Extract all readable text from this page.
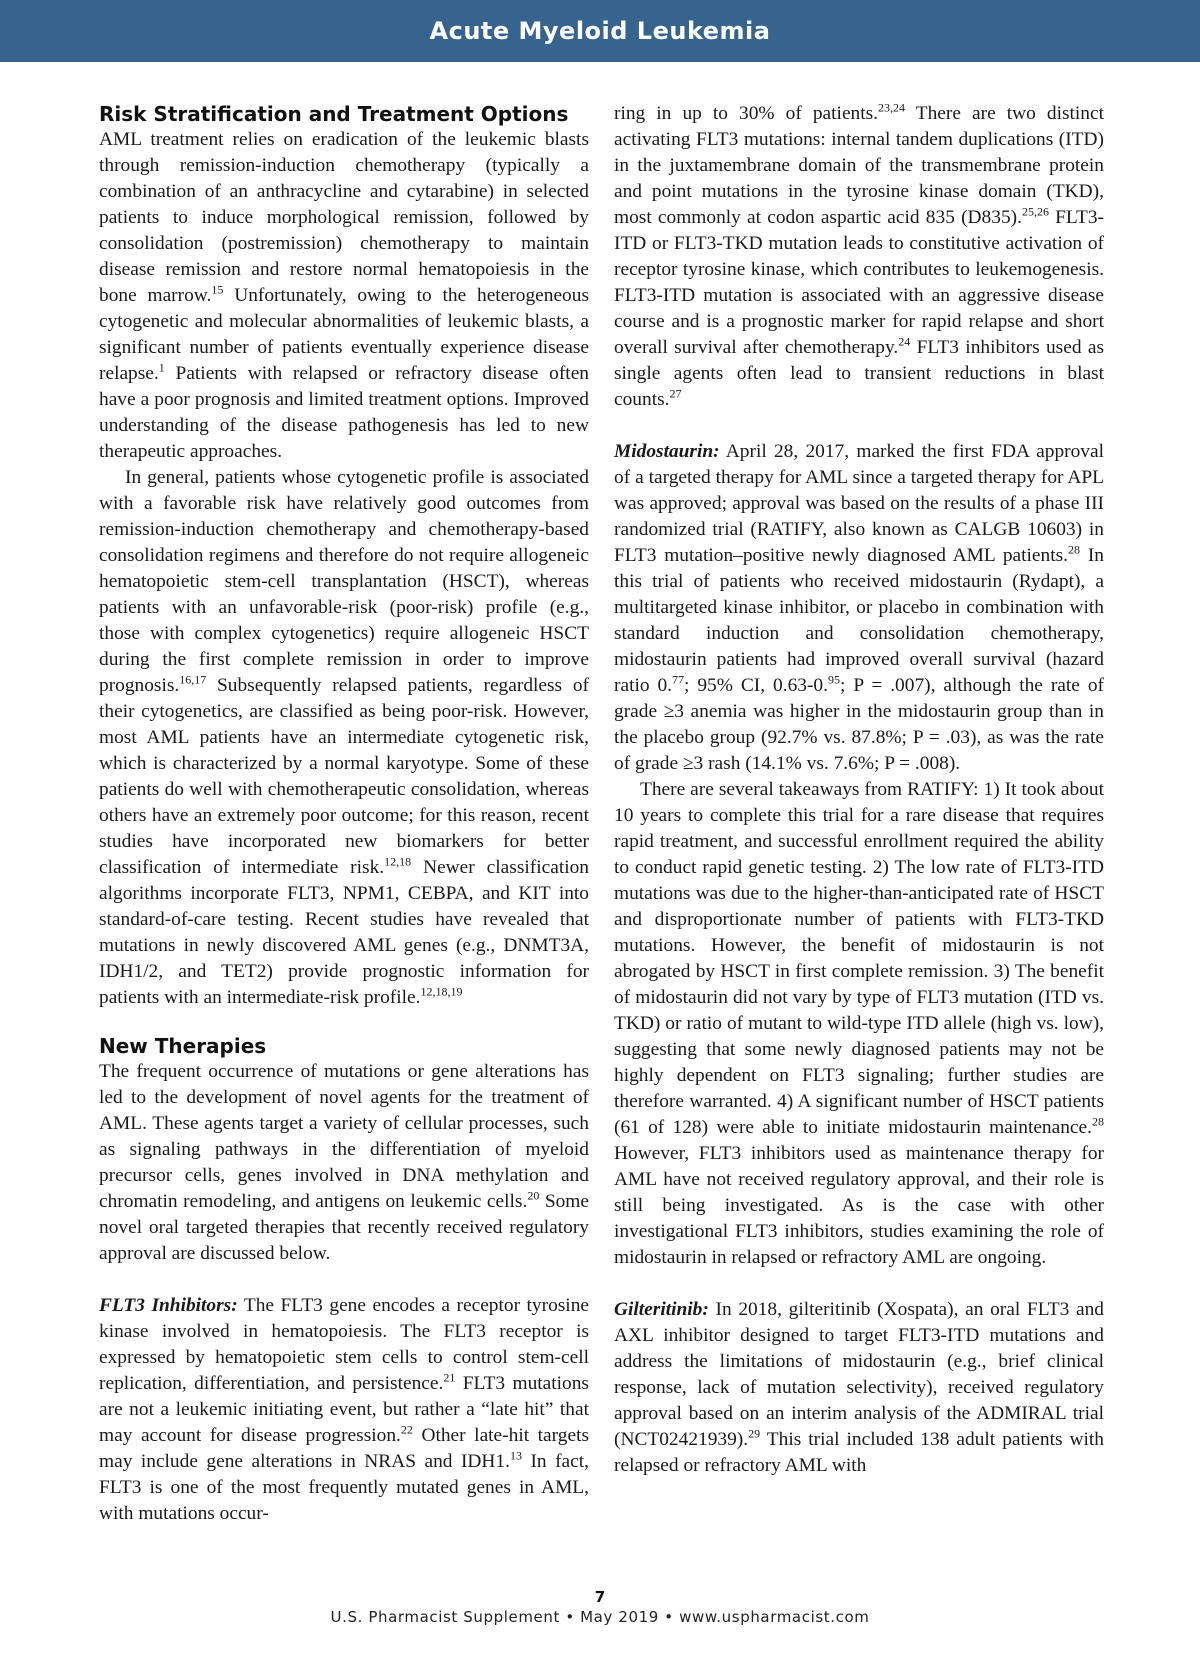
Acute Myeloid Leukemia
Risk Stratification and Treatment Options

AML treatment relies on eradication of the leukemic blasts through remission-induction chemotherapy (typically a combination of an anthracycline and cytarabine) in selected patients to induce morphological remission, followed by consolidation (postremission) chemotherapy to maintain disease remission and restore normal hematopoiesis in the bone marrow.$^{15}$ Unfortunately, owing to the heterogeneous cytogenetic and molecular abnormalities of leukemic blasts, a significant number of patients eventually experience disease relapse.$^1$ Patients with relapsed or refractory disease often have a poor prognosis and limited treatment options. Improved understanding of the disease pathogenesis has led to new therapeutic approaches.

In general, patients whose cytogenetic profile is associated with a favorable risk have relatively good outcomes from remission-induction chemotherapy and chemotherapy-based consolidation regimens and therefore do not require allogeneic hematopoietic stem-cell transplantation (HSCT), whereas patients with an unfavorable-risk (poor-risk) profile (e.g., those with complex cytogenetics) require allogeneic HSCT during the first complete remission in order to improve prognosis.$^{16,17}$ Subsequently relapsed patients, regardless of their cytogenetics, are classified as being poor-risk. However, most AML patients have an intermediate cytogenetic risk, which is characterized by a normal karyotype. Some of these patients do well with chemotherapeutic consolidation, whereas others have an extremely poor outcome; for this reason, recent studies have incorporated new biomarkers for better classification of intermediate risk.$^{12,18}$ Newer classification algorithms incorporate FLT3, NPM1, CEBPA, and KIT into standard-of-care testing. Recent studies have revealed that mutations in newly discovered AML genes (e.g., DNMT3A, IDH1/2, and TET2) provide prognostic information for patients with an intermediate-risk profile.$^{12,18,19}$

New Therapies

The frequent occurrence of mutations or gene alterations has led to the development of novel agents for the treatment of AML. These agents target a variety of cellular processes, such as signaling pathways in the differentiation of myeloid precursor cells, genes involved in DNA methylation and chromatin remodeling, and antigens on leukemic cells.$^{20}$ Some novel oral targeted therapies that recently received regulatory approval are discussed below.

FLT3 Inhibitors: The FLT3 gene encodes a receptor tyrosine kinase involved in hematopoiesis. The FLT3 receptor is expressed by hematopoietic stem cells to control stem-cell replication, differentiation, and persistence.$^{21}$ FLT3 mutations are not a leukemic initiating event, but rather a “late hit” that may account for disease progression.$^{22}$ Other late-hit targets may include gene alterations in NRAS and IDH1.13 In fact, FLT3 is one of the most frequently mutated genes in AML, with mutations occur-

ring in up to 30% of patients.$^{23,24}$ There are two distinct activating FLT3 mutations: internal tandem duplications (ITD) in the juxtamembrane domain of the transmembrane protein and point mutations in the tyrosine kinase domain (TKD), most commonly at codon aspartic acid 835 (D835).$^{25,26}$ FLT3-ITD or FLT3-TKD mutation leads to constitutive activation of receptor tyrosine kinase, which contributes to leukemogenesis. FLT3-ITD mutation is associated with an aggressive disease course and is a prognostic marker for rapid relapse and short overall survival after chemotherapy.$^{24}$ FLT3 inhibitors used as single agents often lead to transient reductions in blast counts.$^{27}$

Midostaurin: April 28, 2017, marked the first FDA approval of a targeted therapy for AML since a targeted therapy for APL was approved; approval was based on the results of a phase III randomized trial (RATIFY, also known as CALGB 10603) in FLT3 mutation–positive newly diagnosed AML patients.$^{28}$ In this trial of patients who received midostaurin (Rydapt), a multitargeted kinase inhibitor, or placebo in combination with standard induction and consolidation chemotherapy, midostaurin patients had improved overall survival (hazard ratio 0.77; 95% CI, 0.63-0.95; P = .007), although the rate of grade ≥3 anemia was higher in the midostaurin group than in the placebo group (92.7% vs. 87.8%; P = .03), as was the rate of grade ≥3 rash (14.1% vs. 7.6%; P = .008).

There are several takeaways from RATIFY: 1) It took about 10 years to complete this trial for a rare disease that requires rapid treatment, and successful enrollment required the ability to conduct rapid genetic testing. 2) The low rate of FLT3-ITD mutations was due to the higher-than-anticipated rate of HSCT and disproportionate number of patients with FLT3-TKD mutations. However, the benefit of midostaurin is not abrogated by HSCT in first complete remission. 3) The benefit of midostaurin did not vary by type of FLT3 mutation (ITD vs. TKD) or ratio of mutant to wild-type ITD allele (high vs. low), suggesting that some newly diagnosed patients may not be highly dependent on FLT3 signaling; further studies are therefore warranted. 4) A significant number of HSCT patients (61 of 128) were able to initiate midostaurin maintenance.$^{28}$ However, FLT3 inhibitors used as maintenance therapy for AML have not received regulatory approval, and their role is still being investigated. As is the case with other investigational FLT3 inhibitors, studies examining the role of midostaurin in relapsed or refractory AML are ongoing.

Gilteritinib: In 2018, gilteritinib (Xospata), an oral FLT3 and AXL inhibitor designed to target FLT3-ITD mutations and address the limitations of midostaurin (e.g., brief clinical response, lack of mutation selectivity), received regulatory approval based on an interim analysis of the ADMIRAL trial (NCT02421939).$^{29}$ This trial included 138 adult patients with relapsed or refractory AML with

7
U.S. Pharmacist Supplement • May 2019 • www.uspharmacist.com
